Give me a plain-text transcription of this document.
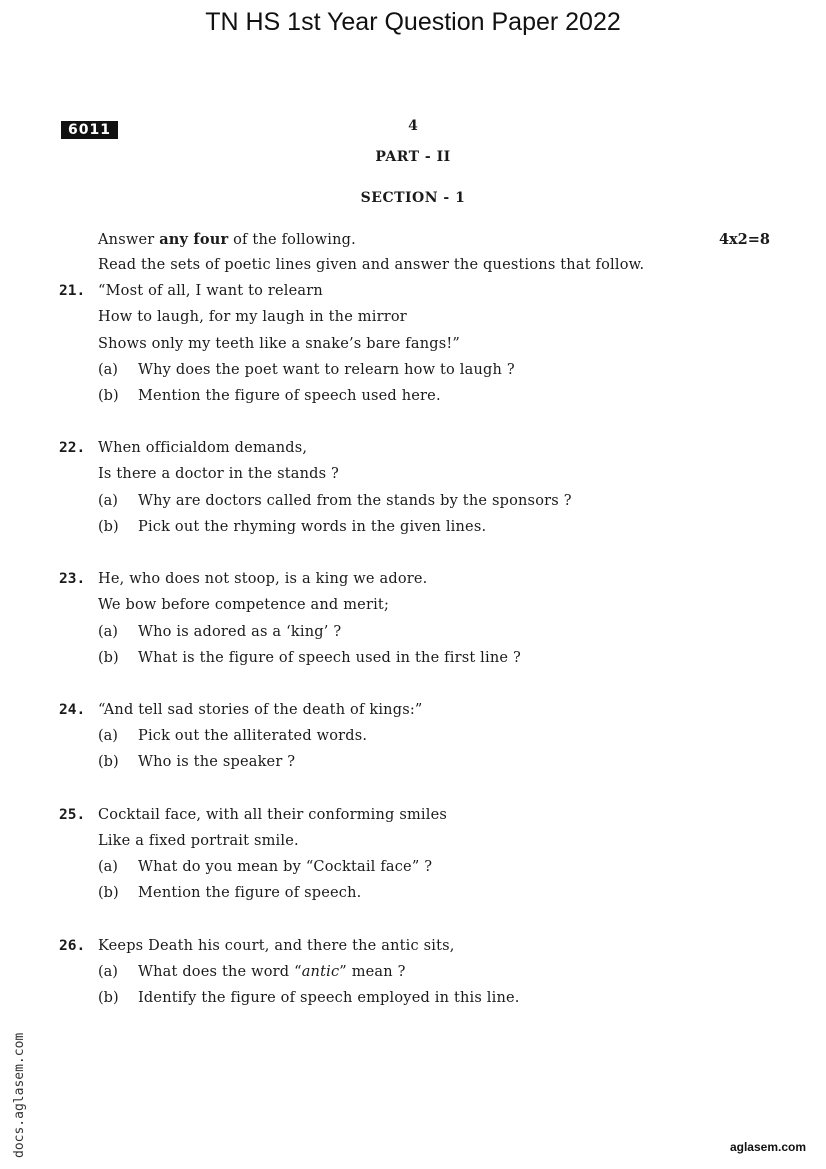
TN HS 1st Year Question Paper 2022
6011	4
PART - II
SECTION - 1
Answer any four of the following.	4x2=8
Read the sets of poetic lines given and answer the questions that follow.
21. “Most of all, I want to relearn
How to laugh, for my laugh in the mirror
Shows only my teeth like a snake’s bare fangs!”
(a) Why does the poet want to relearn how to laugh ?
(b) Mention the figure of speech used here.
22. When officialdom demands,
Is there a doctor in the stands ?
(a) Why are doctors called from the stands by the sponsors ?
(b) Pick out the rhyming words in the given lines.
23. He, who does not stoop, is a king we adore.
We bow before competence and merit;
(a) Who is adored as a ‘king’ ?
(b) What is the figure of speech used in the first line ?
24. “And tell sad stories of the death of kings:”
(a) Pick out the alliterated words.
(b) Who is the speaker ?
25. Cocktail face, with all their conforming smiles
Like a fixed portrait smile.
(a) What do you mean by “Cocktail face” ?
(b) Mention the figure of speech.
26. Keeps Death his court, and there the antic sits,
(a) What does the word “antic” mean ?
(b) Identify the figure of speech employed in this line.
docs.aglasem.com	aglasem.com
